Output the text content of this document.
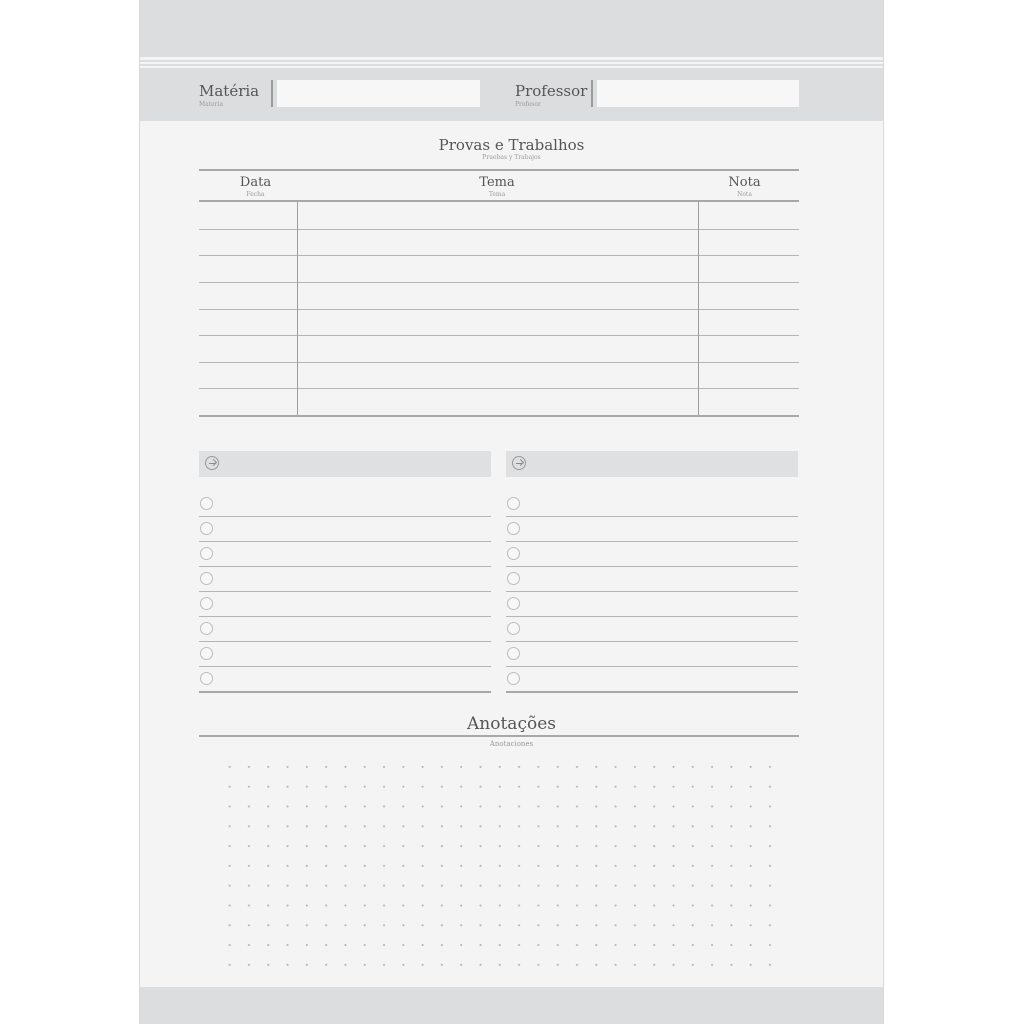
Matéria
Materia
Professor
Profesor
Provas e Trabalhos
Pruebas y Trabajos
Data
Fecha
Tema
Tema
Nota
Nota
Anotações
Anotaciones
